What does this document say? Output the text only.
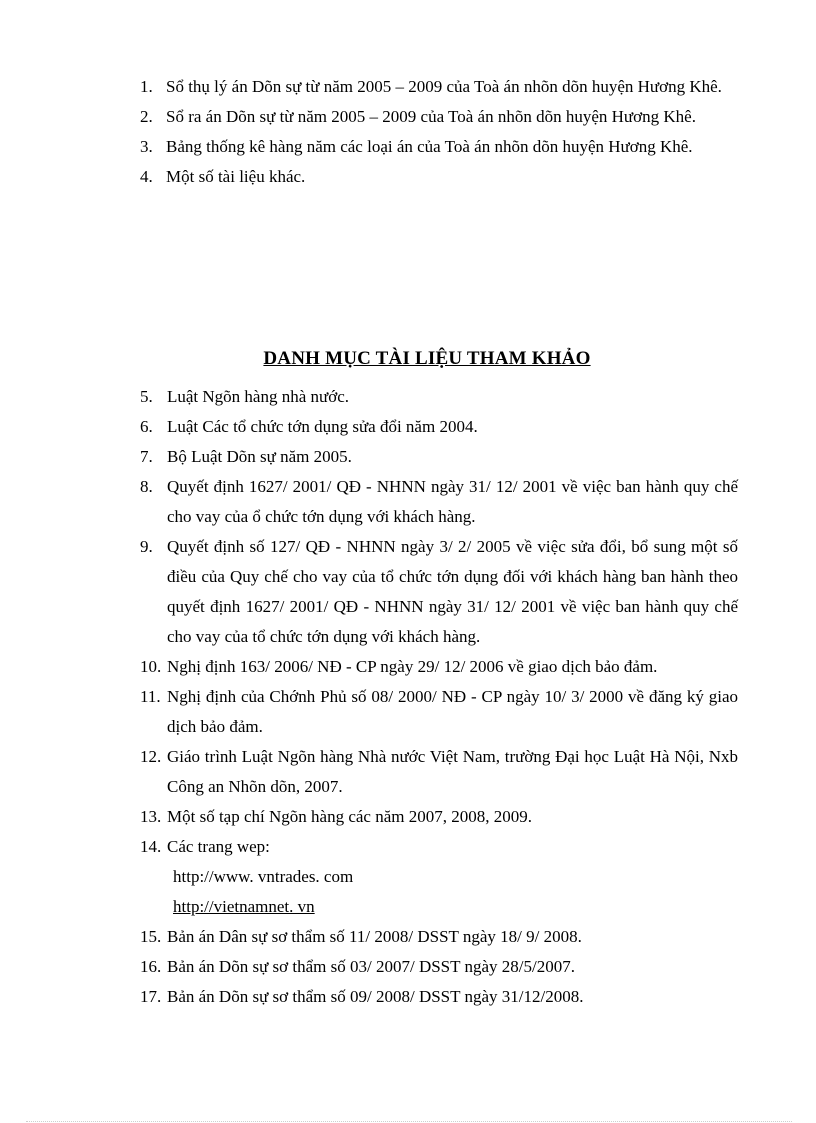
1. Sổ thụ lý án Dõn sự từ năm 2005 – 2009 của Toà án nhõn dõn huyện Hương Khê.
2. Sổ ra án Dõn sự từ năm 2005 – 2009 của Toà án nhõn dõn huyện Hương Khê.
3. Bảng thống kê hàng năm các loại án của Toà án nhõn dõn huyện Hương Khê.
4. Một số tài liệu khác.
DANH MỤC TÀI LIỆU THAM KHẢO
5. Luật Ngõn hàng nhà nước.
6. Luật Các tổ chức tớn dụng sửa đổi năm 2004.
7. Bộ Luật Dõn sự năm 2005.
8. Quyết định 1627/ 2001/ QĐ - NHNN ngày 31/ 12/ 2001 về việc ban hành quy chế cho vay của ổ chức tớn dụng với khách hàng.
9. Quyết định số 127/ QĐ - NHNN ngày 3/ 2/ 2005 về việc sửa đổi, bổ sung một số điều của Quy chế cho vay của tổ chức tớn dụng đối với khách hàng ban hành theo quyết định 1627/ 2001/ QĐ - NHNN ngày 31/ 12/ 2001 về việc ban hành quy chế cho vay của tổ chức tớn dụng với khách hàng.
10. Nghị định 163/ 2006/ NĐ - CP ngày 29/ 12/ 2006 về giao dịch bảo đảm.
11. Nghị định của Chớnh Phủ số 08/ 2000/ NĐ - CP ngày 10/ 3/ 2000 về đăng ký giao dịch bảo đảm.
12. Giáo trình Luật Ngõn hàng Nhà nước Việt Nam, trường Đại học Luật Hà Nội, Nxb Công an Nhõn dõn, 2007.
13. Một số tạp chí Ngõn hàng các năm 2007, 2008, 2009.
14. Các trang wep:
http://www. vntrades. com
http://vietnamnet. vn
15. Bản án Dân sự sơ thẩm số 11/ 2008/ DSST ngày 18/ 9/ 2008.
16. Bản án Dõn sự sơ thẩm số 03/ 2007/ DSST ngày 28/5/2007.
17. Bản án Dõn sự sơ thẩm số 09/ 2008/ DSST ngày 31/12/2008.
